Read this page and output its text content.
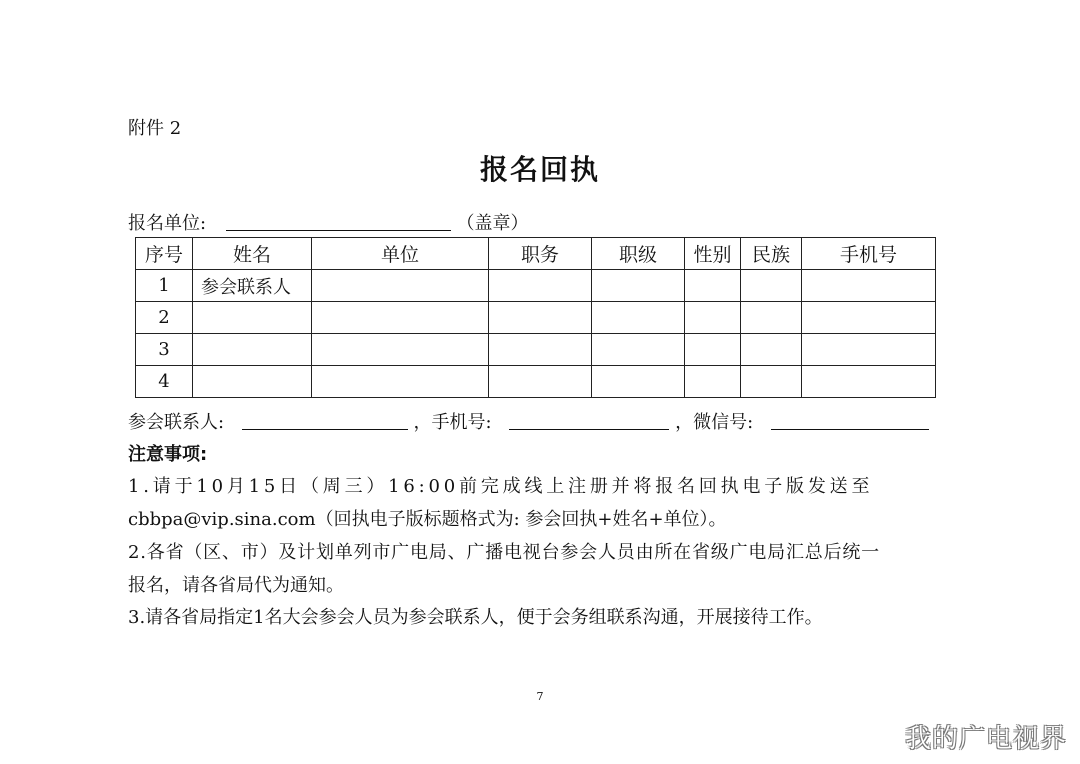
附件 2
报名回执
报名单位:	（盖章）
序号	姓名	单位	职务	职级	性别	民族	手机号
1	参会联系人						
2							
3							
4							
参会联系人:	，手机号:	，微信号:
注意事项:
1.请于10月15日（周三）16:00前完成线上注册并将报名回执电子版发送至
cbbpa@vip.sina.com（回执电子版标题格式为: 参会回执+姓名+单位）。
2.各省（区、市）及计划单列市广电局、广播电视台参会人员由所在省级广电局汇总后统一
报名，请各省局代为通知。
3.请各省局指定1名大会参会人员为参会联系人，便于会务组联系沟通，开展接待工作。
7
我的广电视界
